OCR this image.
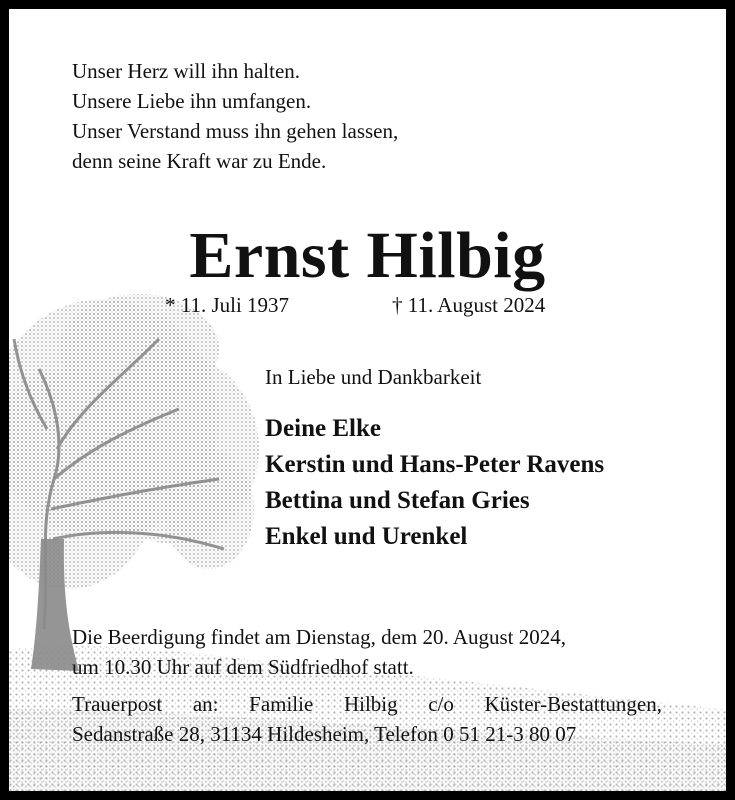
Unser Herz will ihn halten.
Unsere Liebe ihn umfangen.
Unser Verstand muss ihn gehen lassen,
denn seine Kraft war zu Ende.
Ernst Hilbig
* 11. Juli 1937	† 11. August 2024
In Liebe und Dankbarkeit
Deine Elke
Kerstin und Hans-Peter Ravens
Bettina und Stefan Gries
Enkel und Urenkel
Die Beerdigung findet am Dienstag, dem 20. August 2024,
um 10.30 Uhr auf dem Südfriedhof statt.
Trauerpost an: Familie Hilbig c/o Küster-Bestattungen,
Sedanstraße 28, 31134 Hildesheim, Telefon 0 51 21-3 80 07
